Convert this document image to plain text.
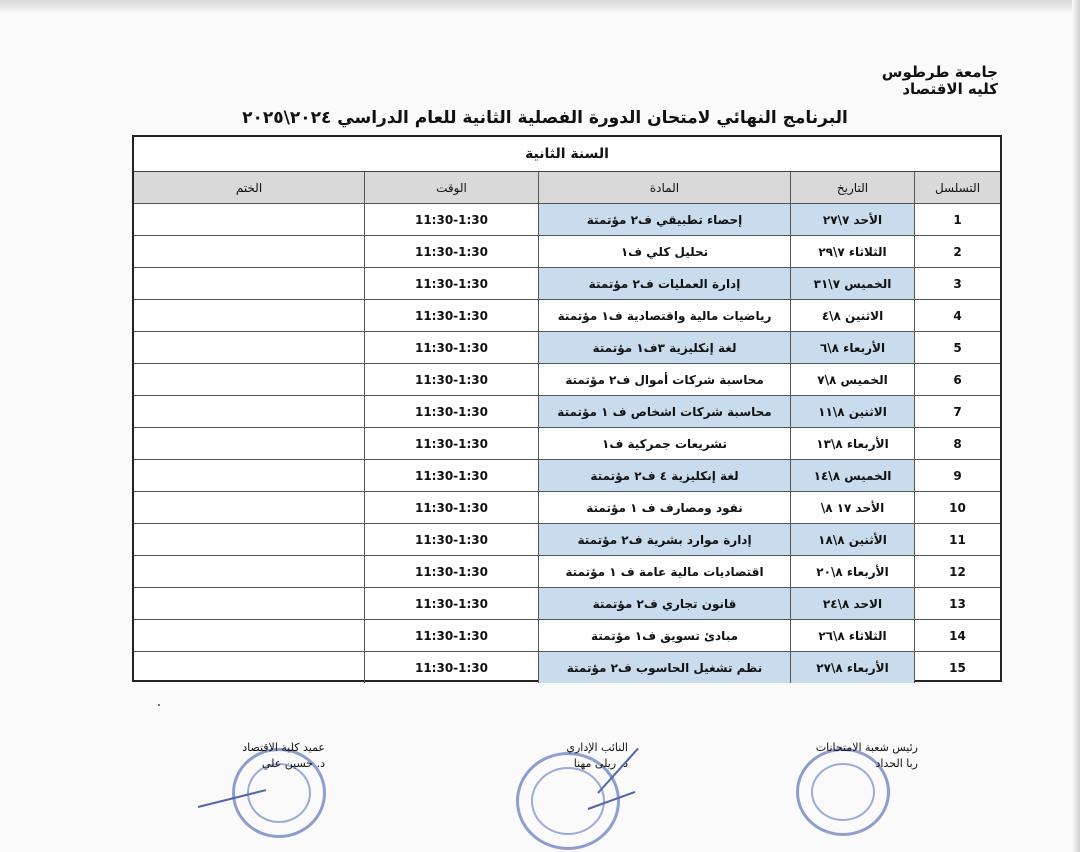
جامعة طرطوس
كليه الاقتصاد
البرنامج النهائي لامتحان الدورة الفصلية الثانية للعام الدراسي ٢٠٢٤\٢٠٢٥
السنة الثانية
التسلسل
التاريخ
المادة
الوقت
الختم
1
الأحد ٧\٢٧
إحصاء تطبيقي ف٢ مؤتمتة
11:30-1:30
2
الثلاثاء ٧\٢٩
تحليل كلي ف١
11:30-1:30
3
الخميس ٧\٣١
إدارة العمليات ف٢ مؤتمتة
11:30-1:30
4
الاثنين ٨\٤
رياضيات مالية واقتصادية ف١ مؤتمتة
11:30-1:30
5
الأربعاء ٨\٦
لغة إنكليزية ٣ف١ مؤتمتة
11:30-1:30
6
الخميس ٨\٧
محاسبة شركات أموال ف٢ مؤتمتة
11:30-1:30
7
الاثنين ٨\١١
محاسبة شركات اشخاص ف ١ مؤتمتة
11:30-1:30
8
الأربعاء ٨\١٣
تشريعات جمركية ف١
11:30-1:30
9
الخميس ٨\١٤
لغة إنكليزية ٤ ف٢ مؤتمتة
11:30-1:30
10
الأحد ١٧ ٨\
نقود ومصارف ف ١ مؤتمتة
11:30-1:30
11
الأثنين ٨\١٨
إدارة موارد بشرية ف٢ مؤتمتة
11:30-1:30
12
الأربعاء ٨\٢٠
اقتصاديات مالية عامة ف ١ مؤتمتة
11:30-1:30
13
الاحد ٨\٢٤
قانون تجاري ف٢ مؤتمتة
11:30-1:30
14
الثلاثاء ٨\٢٦
مبادئ تسويق ف١ مؤتمتة
11:30-1:30
15
الأربعاء ٨\٢٧
نظم تشغيل الحاسوب ف٢ مؤتمتة
11:30-1:30
عميد كلية الاقتصاد
د. حسين علي
النائب الإداري
د. ريلى مهنا
رئيس شعبة الامتحانات
ربا الحداد
